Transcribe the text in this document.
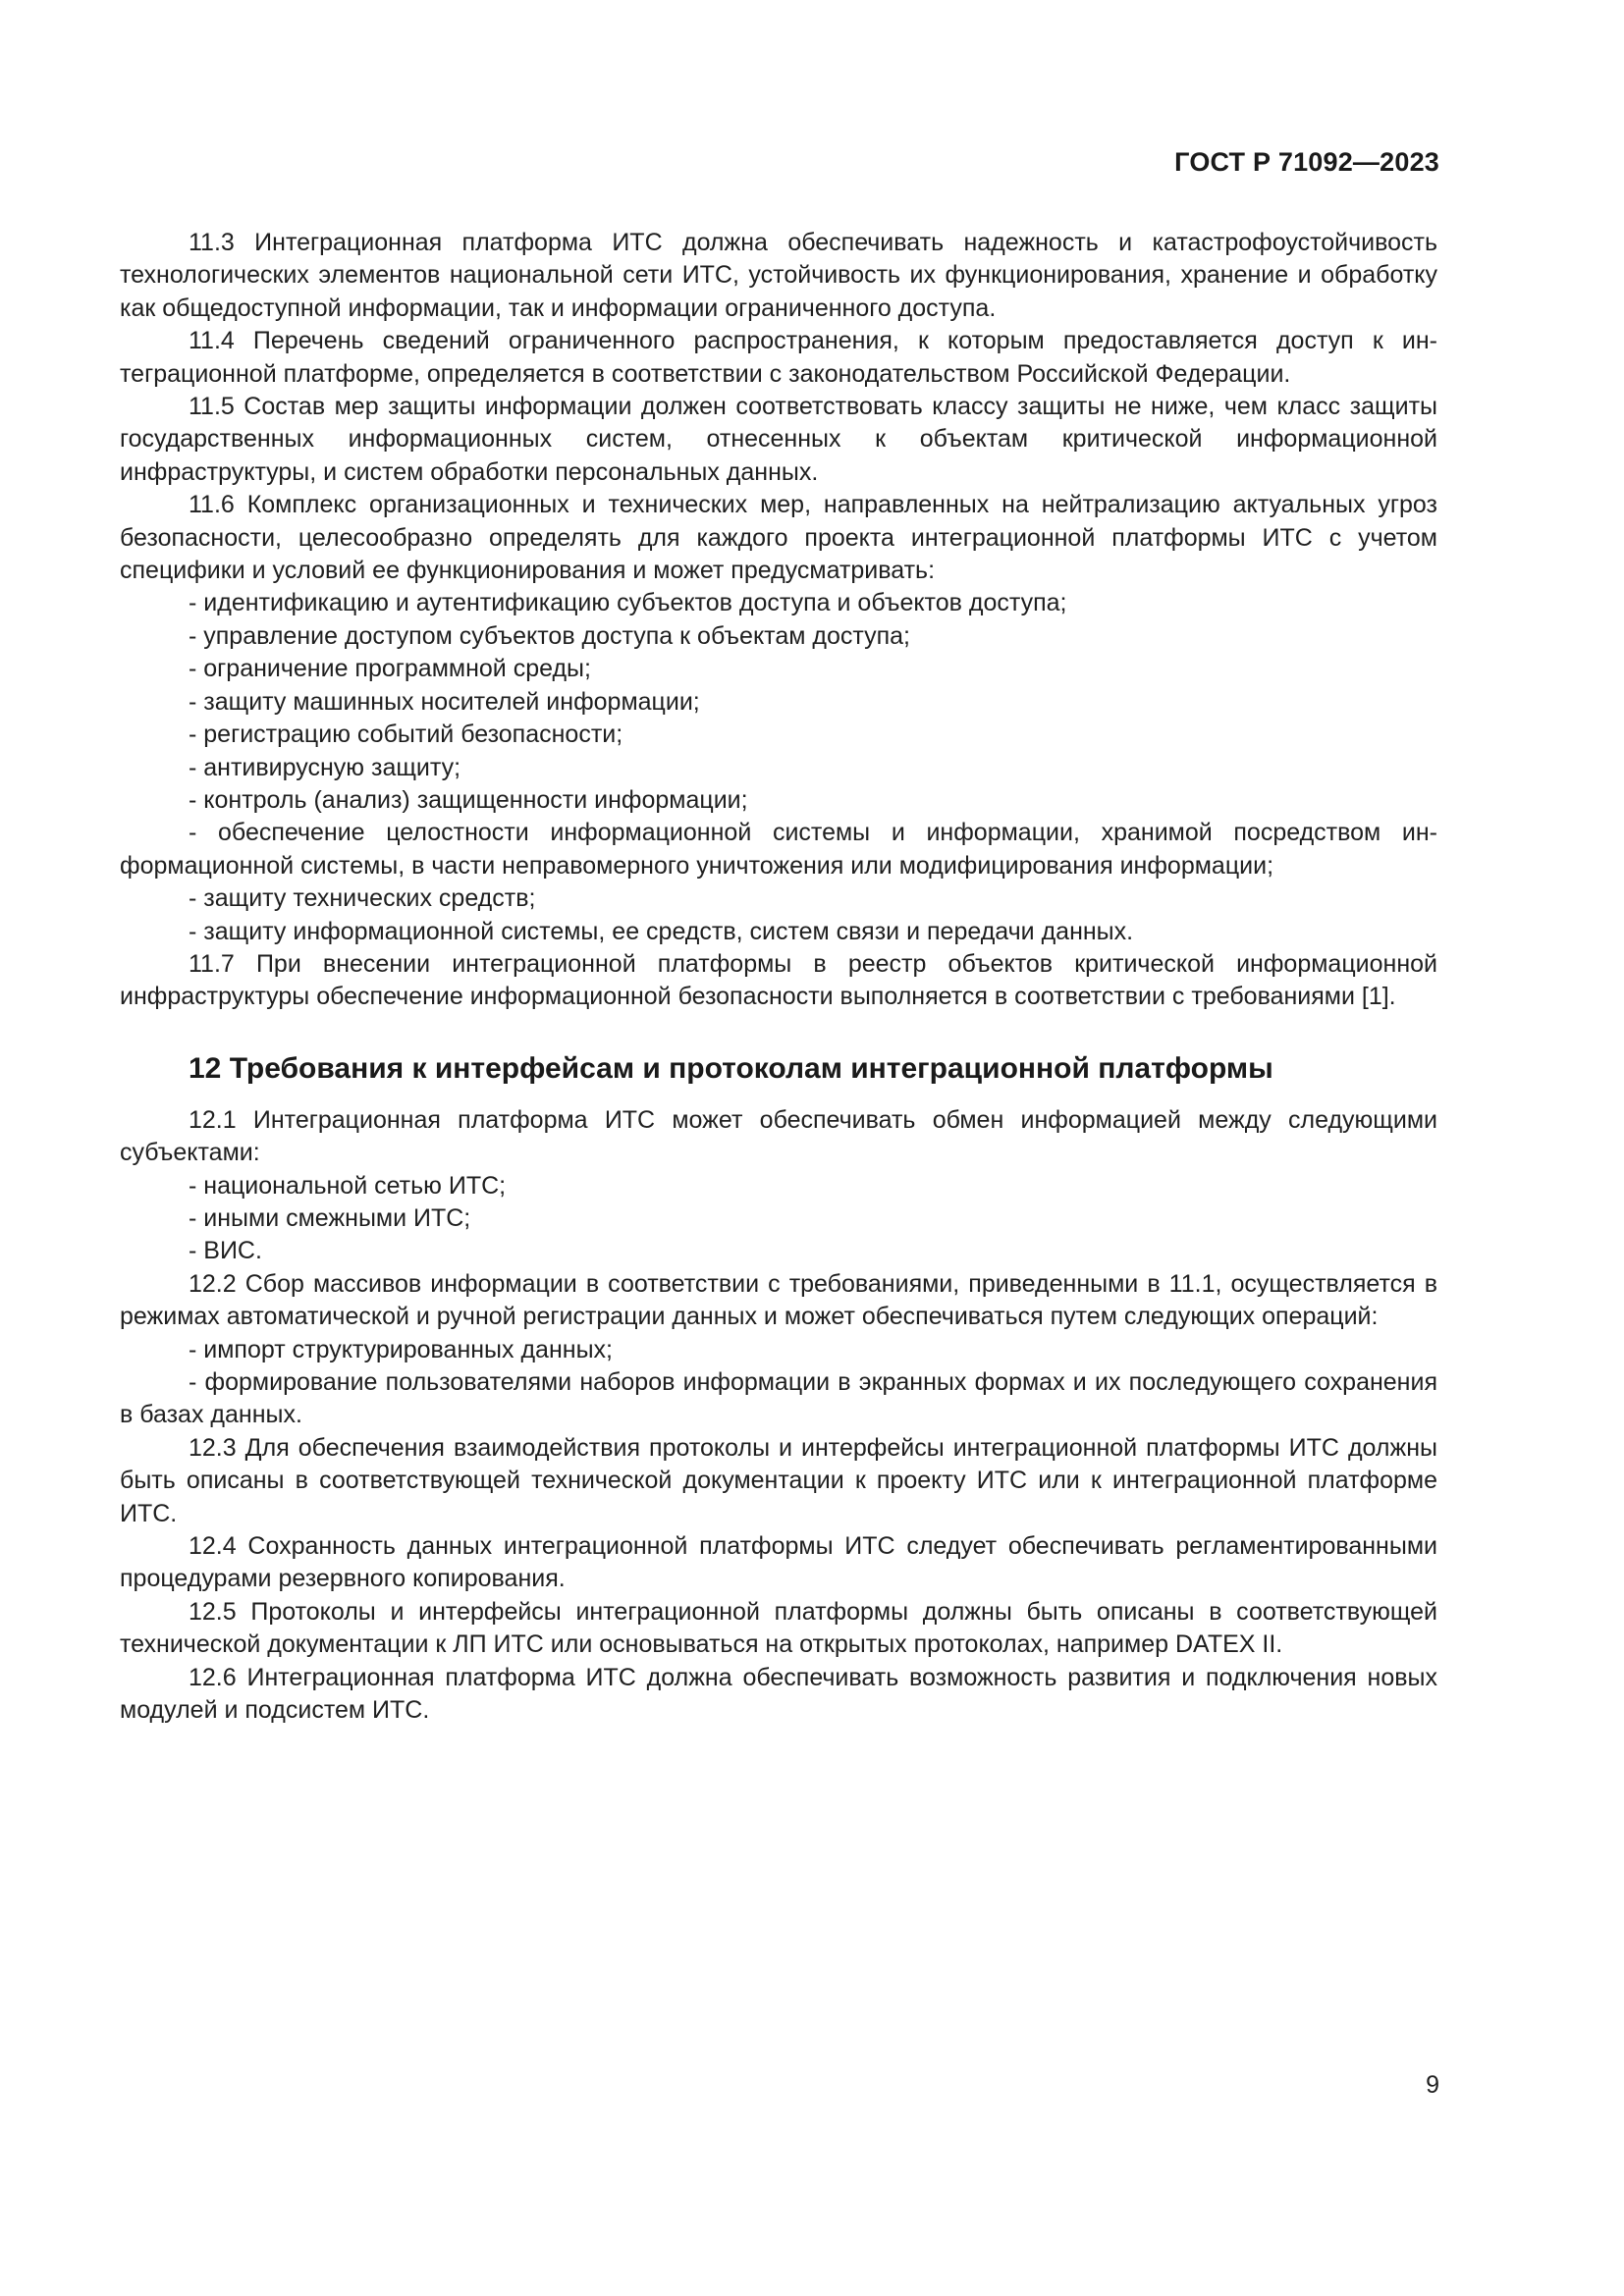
ГОСТ Р 71092—2023

11.3 Интеграционная платформа ИТС должна обеспечивать надежность и катастрофоустойчивость технологических элементов национальной сети ИТС, устойчивость их функционирования, хранение и обработку как общедоступной информации, так и информации ограниченного доступа.

11.4 Перечень сведений ограниченного распространения, к которым предоставляется доступ к интеграционной платформе, определяется в соответствии с законодательством Российской Федерации.

11.5 Состав мер защиты информации должен соответствовать классу защиты не ниже, чем класс защиты государственных информационных систем, отнесенных к объектам критической информационной инфраструктуры, и систем обработки персональных данных.

11.6 Комплекс организационных и технических мер, направленных на нейтрализацию актуальных угроз безопасности, целесообразно определять для каждого проекта интеграционной платформы ИТС с учетом специфики и условий ее функционирования и может предусматривать:

- идентификацию и аутентификацию субъектов доступа и объектов доступа;

- управление доступом субъектов доступа к объектам доступа;

- ограничение программной среды;

- защиту машинных носителей информации;

- регистрацию событий безопасности;

- антивирусную защиту;

- контроль (анализ) защищенности информации;

- обеспечение целостности информационной системы и информации, хранимой посредством информационной системы, в части неправомерного уничтожения или модифицирования информации;

- защиту технических средств;

- защиту информационной системы, ее средств, систем связи и передачи данных.

11.7 При внесении интеграционной платформы в реестр объектов критической информационной инфраструктуры обеспечение информационной безопасности выполняется в соответствии с требованиями [1].

12 Требования к интерфейсам и протоколам интеграционной платформы

12.1 Интеграционная платформа ИТС может обеспечивать обмен информацией между следующими субъектами:

- национальной сетью ИТС;

- иными смежными ИТС;

- ВИС.

12.2 Сбор массивов информации в соответствии с требованиями, приведенными в 11.1, осуществляется в режимах автоматической и ручной регистрации данных и может обеспечиваться путем следующих операций:

- импорт структурированных данных;

- формирование пользователями наборов информации в экранных формах и их последующего сохранения в базах данных.

12.3 Для обеспечения взаимодействия протоколы и интерфейсы интеграционной платформы ИТС должны быть описаны в соответствующей технической документации к проекту ИТС или к интеграционной платформе ИТС.

12.4 Сохранность данных интеграционной платформы ИТС следует обеспечивать регламентированными процедурами резервного копирования.

12.5 Протоколы и интерфейсы интеграционной платформы должны быть описаны в соответствующей технической документации к ЛП ИТС или основываться на открытых протоколах, например DATEX II.

12.6 Интеграционная платформа ИТС должна обеспечивать возможность развития и подключения новых модулей и подсистем ИТС.

9
